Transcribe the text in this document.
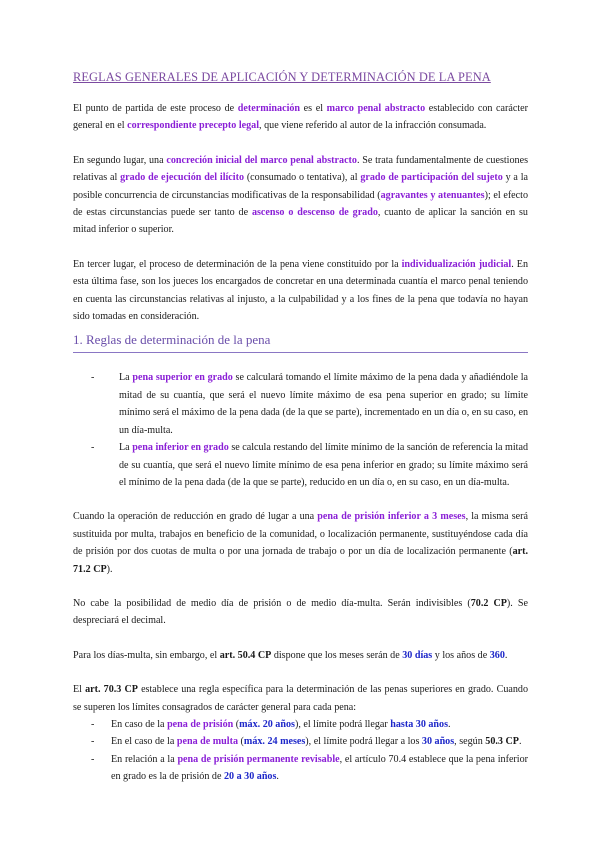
REGLAS GENERALES DE APLICACIÓN Y DETERMINACIÓN DE LA PENA

El punto de partida de este proceso de determinación es el marco penal abstracto establecido con carácter general en el correspondiente precepto legal, que viene referido al autor de la infracción consumada.

En segundo lugar, una concreción inicial del marco penal abstracto. Se trata fundamentalmente de cuestiones relativas al grado de ejecución del ilícito (consumado o tentativa), al grado de participación del sujeto y a la posible concurrencia de circunstancias modificativas de la responsabilidad (agravantes y atenuantes); el efecto de estas circunstancias puede ser tanto de ascenso o descenso de grado, cuanto de aplicar la sanción en su mitad inferior o superior.

En tercer lugar, el proceso de determinación de la pena viene constituido por la individualización judicial. En esta última fase, son los jueces los encargados de concretar en una determinada cuantía el marco penal teniendo en cuenta las circunstancias relativas al injusto, a la culpabilidad y a los fines de la pena que todavía no hayan sido tomadas en consideración.

1. Reglas de determinación de la pena
- La pena superior en grado se calculará tomando el límite máximo de la pena dada y añadiéndole la mitad de su cuantía, que será el nuevo límite máximo de esa pena superior en grado; su límite mínimo será el máximo de la pena dada (de la que se parte), incrementado en un día o, en su caso, en un día-multa.
- La pena inferior en grado se calcula restando del límite mínimo de la sanción de referencia la mitad de su cuantía, que será el nuevo límite mínimo de esa pena inferior en grado; su límite máximo será el mínimo de la pena dada (de la que se parte), reducido en un día o, en su caso, en un día-multa.

Cuando la operación de reducción en grado dé lugar a una pena de prisión inferior a 3 meses, la misma será sustituida por multa, trabajos en beneficio de la comunidad, o localización permanente, sustituyéndose cada día de prisión por dos cuotas de multa o por una jornada de trabajo o por un día de localización permanente (art. 71.2 CP).

No cabe la posibilidad de medio día de prisión o de medio día-multa. Serán indivisibles (70.2 CP). Se despreciará el decimal.

Para los días-multa, sin embargo, el art. 50.4 CP dispone que los meses serán de 30 días y los años de 360.

El art. 70.3 CP establece una regla específica para la determinación de las penas superiores en grado. Cuando se superen los límites consagrados de carácter general para cada pena:

- En caso de la pena de prisión (máx. 20 años), el límite podrá llegar hasta 30 años.
- En el caso de la pena de multa (máx. 24 meses), el límite podrá llegar a los 30 años, según 50.3 CP.
- En relación a la pena de prisión permanente revisable, el artículo 70.4 establece que la pena inferior en grado es la de prisión de 20 a 30 años.
